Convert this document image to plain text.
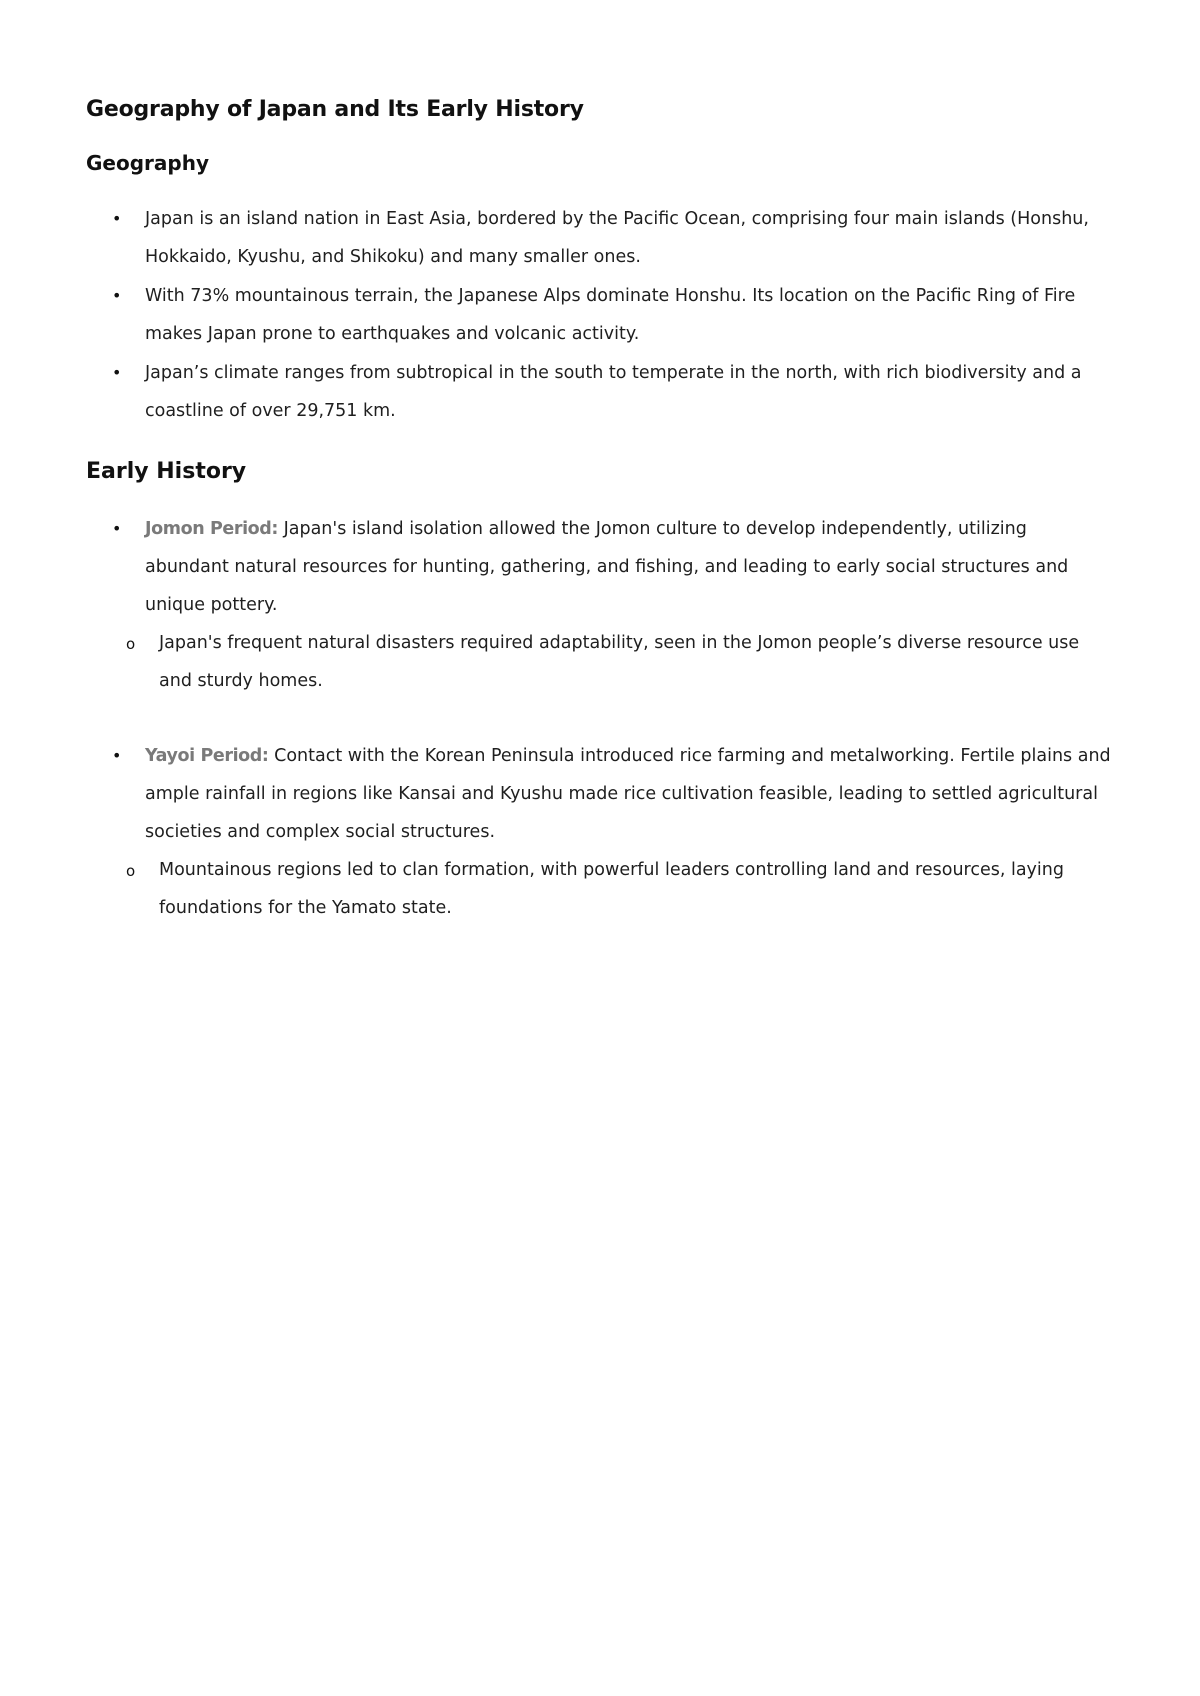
Geography of Japan and Its Early History
Geography
• Japan is an island nation in East Asia, bordered by the Pacific Ocean, comprising four main islands (Honshu, Hokkaido, Kyushu, and Shikoku) and many smaller ones.
• With 73% mountainous terrain, the Japanese Alps dominate Honshu. Its location on the Pacific Ring of Fire makes Japan prone to earthquakes and volcanic activity.
• Japan’s climate ranges from subtropical in the south to temperate in the north, with rich biodiversity and a coastline of over 29,751 km.
Early History
• Jomon Period: Japan's island isolation allowed the Jomon culture to develop independently, utilizing abundant natural resources for hunting, gathering, and fishing, and leading to early social structures and unique pottery.
o Japan's frequent natural disasters required adaptability, seen in the Jomon people’s diverse resource use and sturdy homes.
• Yayoi Period: Contact with the Korean Peninsula introduced rice farming and metalworking. Fertile plains and ample rainfall in regions like Kansai and Kyushu made rice cultivation feasible, leading to settled agricultural societies and complex social structures.
o Mountainous regions led to clan formation, with powerful leaders controlling land and resources, laying foundations for the Yamato state.
